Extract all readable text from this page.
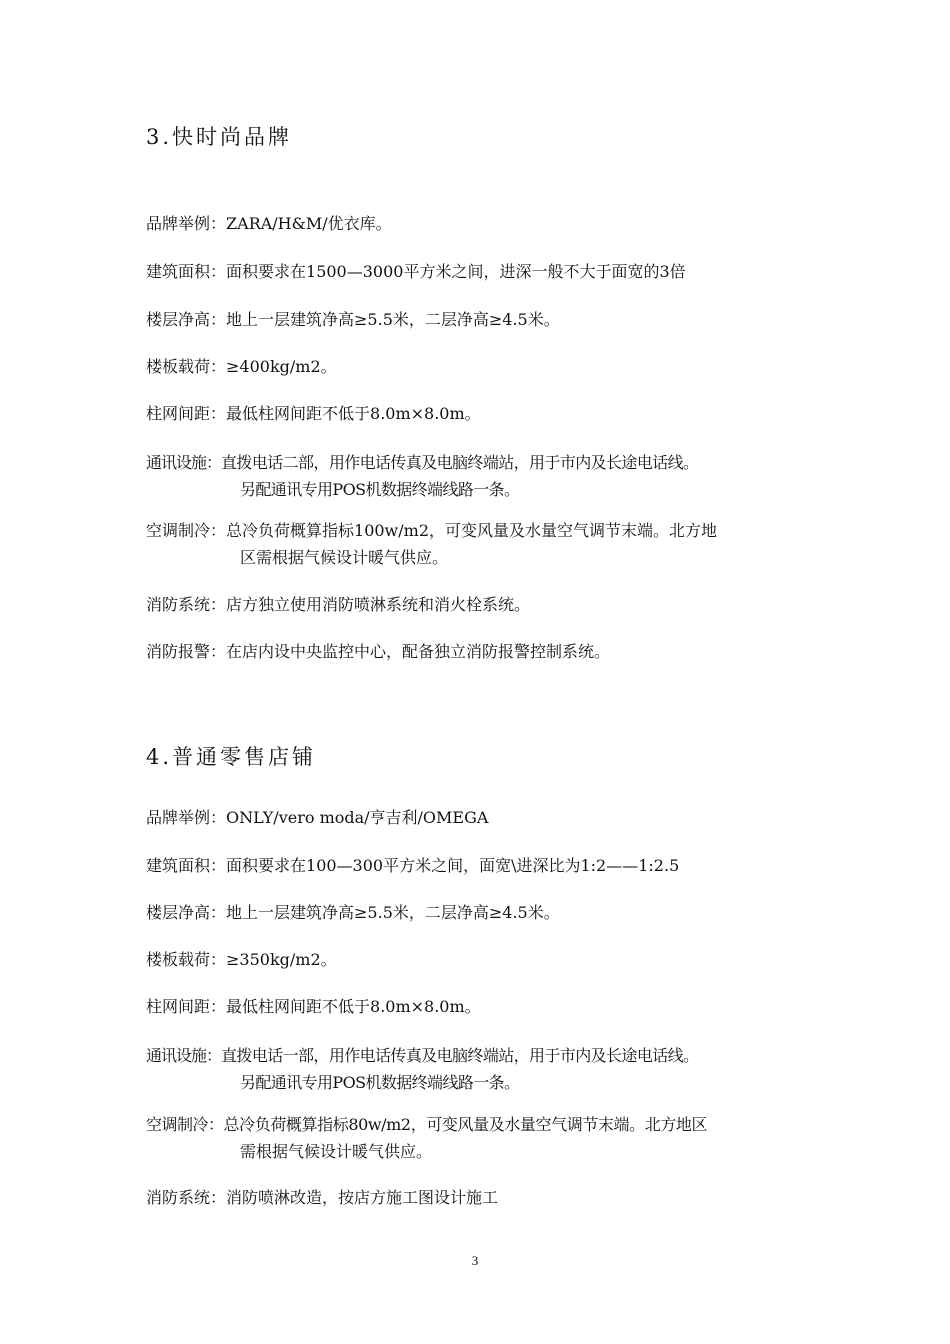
3.快时尚品牌
品牌举例：ZARA/H&M/优衣库。
建筑面积：面积要求在1500—3000平方米之间，进深一般不大于面宽的3倍
楼层净高：地上一层建筑净高≥5.5米，二层净高≥4.5米。
楼板载荷：≥400kg/m2。
柱网间距：最低柱网间距不低于8.0m×8.0m。
通讯设施：直拨电话二部，用作电话传真及电脑终端站，用于市内及长途电话线。
另配通讯专用POS机数据终端线路一条。
空调制冷：总冷负荷概算指标100w/m2，可变风量及水量空气调节末端。北方地
区需根据气候设计暖气供应。
消防系统：店方独立使用消防喷淋系统和消火栓系统。
消防报警：在店内设中央监控中心，配备独立消防报警控制系统。
4.普通零售店铺
品牌举例：ONLY/vero moda/亨吉利/OMEGA
建筑面积：面积要求在100—300平方米之间，面宽\进深比为1:2——1:2.5
楼层净高：地上一层建筑净高≥5.5米，二层净高≥4.5米。
楼板载荷：≥350kg/m2。
柱网间距：最低柱网间距不低于8.0m×8.0m。
通讯设施：直拨电话一部，用作电话传真及电脑终端站，用于市内及长途电话线。
另配通讯专用POS机数据终端线路一条。
空调制冷：总冷负荷概算指标80w/m2，可变风量及水量空气调节末端。北方地区
需根据气候设计暖气供应。
消防系统：消防喷淋改造，按店方施工图设计施工
3
